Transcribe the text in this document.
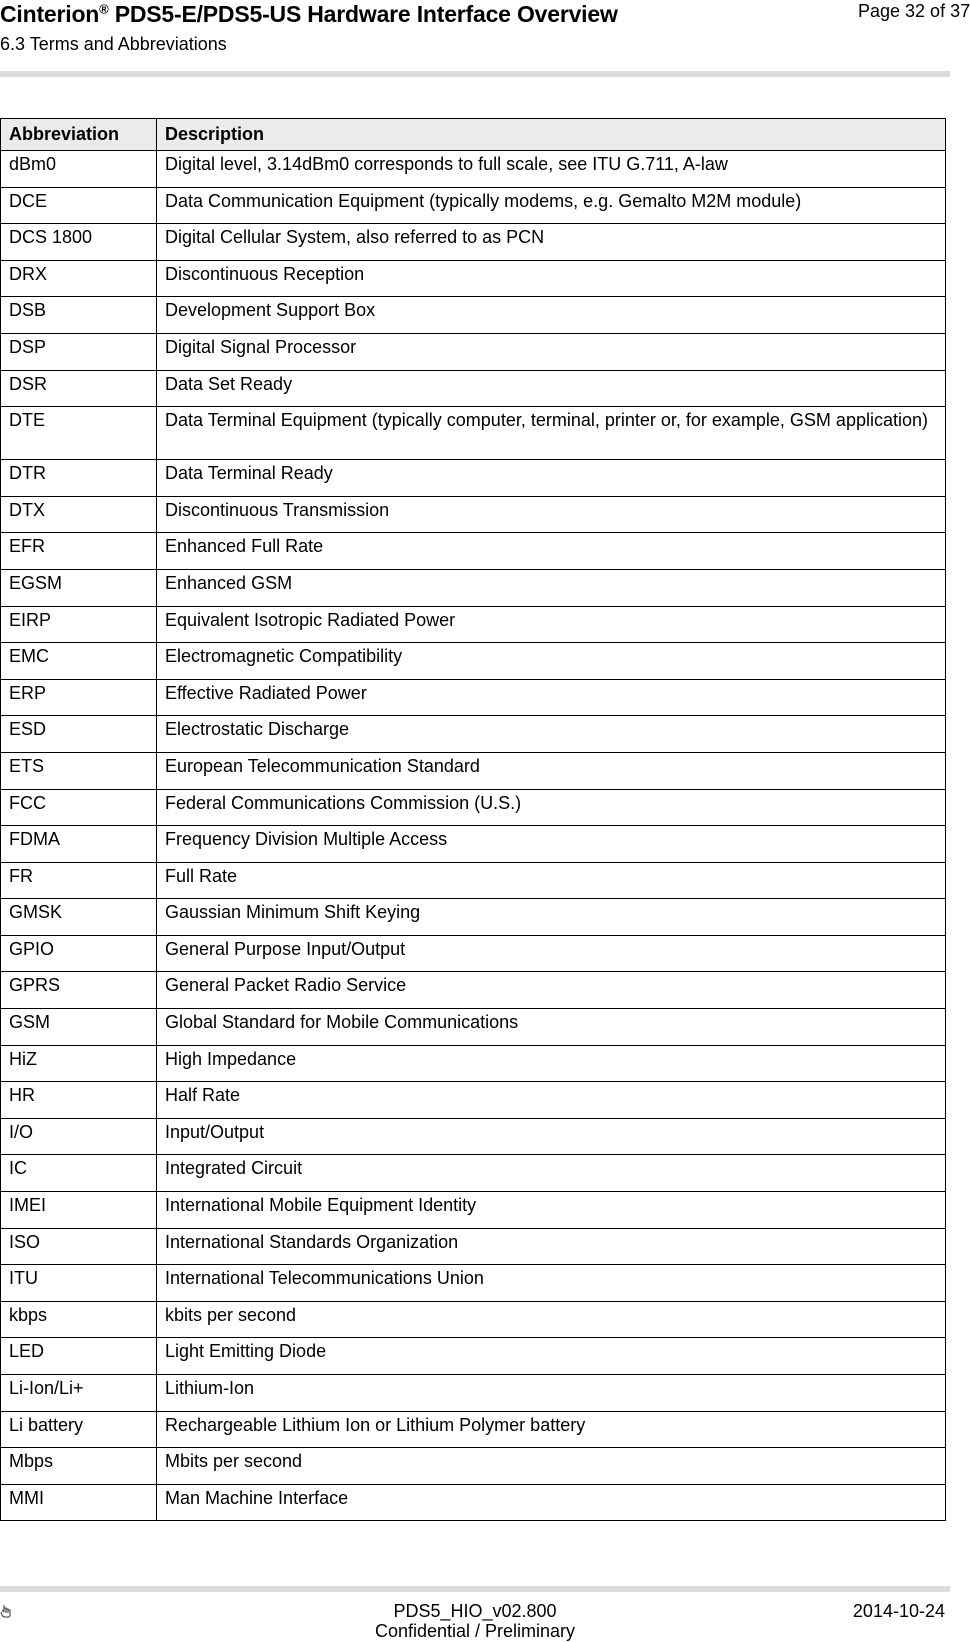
Cinterion® PDS5-E/PDS5-US Hardware Interface Overview
6.3 Terms and Abbreviations
Page 32 of 37
Abbreviation	Description
dBm0	Digital level, 3.14dBm0 corresponds to full scale, see ITU G.711, A-law
DCE	Data Communication Equipment (typically modems, e.g. Gemalto M2M module)
DCS 1800	Digital Cellular System, also referred to as PCN
DRX	Discontinuous Reception
DSB	Development Support Box
DSP	Digital Signal Processor
DSR	Data Set Ready
DTE	Data Terminal Equipment (typically computer, terminal, printer or, for example, GSM application)
DTR	Data Terminal Ready
DTX	Discontinuous Transmission
EFR	Enhanced Full Rate
EGSM	Enhanced GSM
EIRP	Equivalent Isotropic Radiated Power
EMC	Electromagnetic Compatibility
ERP	Effective Radiated Power
ESD	Electrostatic Discharge
ETS	European Telecommunication Standard
FCC	Federal Communications Commission (U.S.)
FDMA	Frequency Division Multiple Access
FR	Full Rate
GMSK	Gaussian Minimum Shift Keying
GPIO	General Purpose Input/Output
GPRS	General Packet Radio Service
GSM	Global Standard for Mobile Communications
HiZ	High Impedance
HR	Half Rate
I/O	Input/Output
IC	Integrated Circuit
IMEI	International Mobile Equipment Identity
ISO	International Standards Organization
ITU	International Telecommunications Union
kbps	kbits per second
LED	Light Emitting Diode
Li-Ion/Li+	Lithium-Ion
Li battery	Rechargeable Lithium Ion or Lithium Polymer battery
Mbps	Mbits per second
MMI	Man Machine Interface
PDS5_HIO_v02.800
Confidential / Preliminary
2014-10-24
